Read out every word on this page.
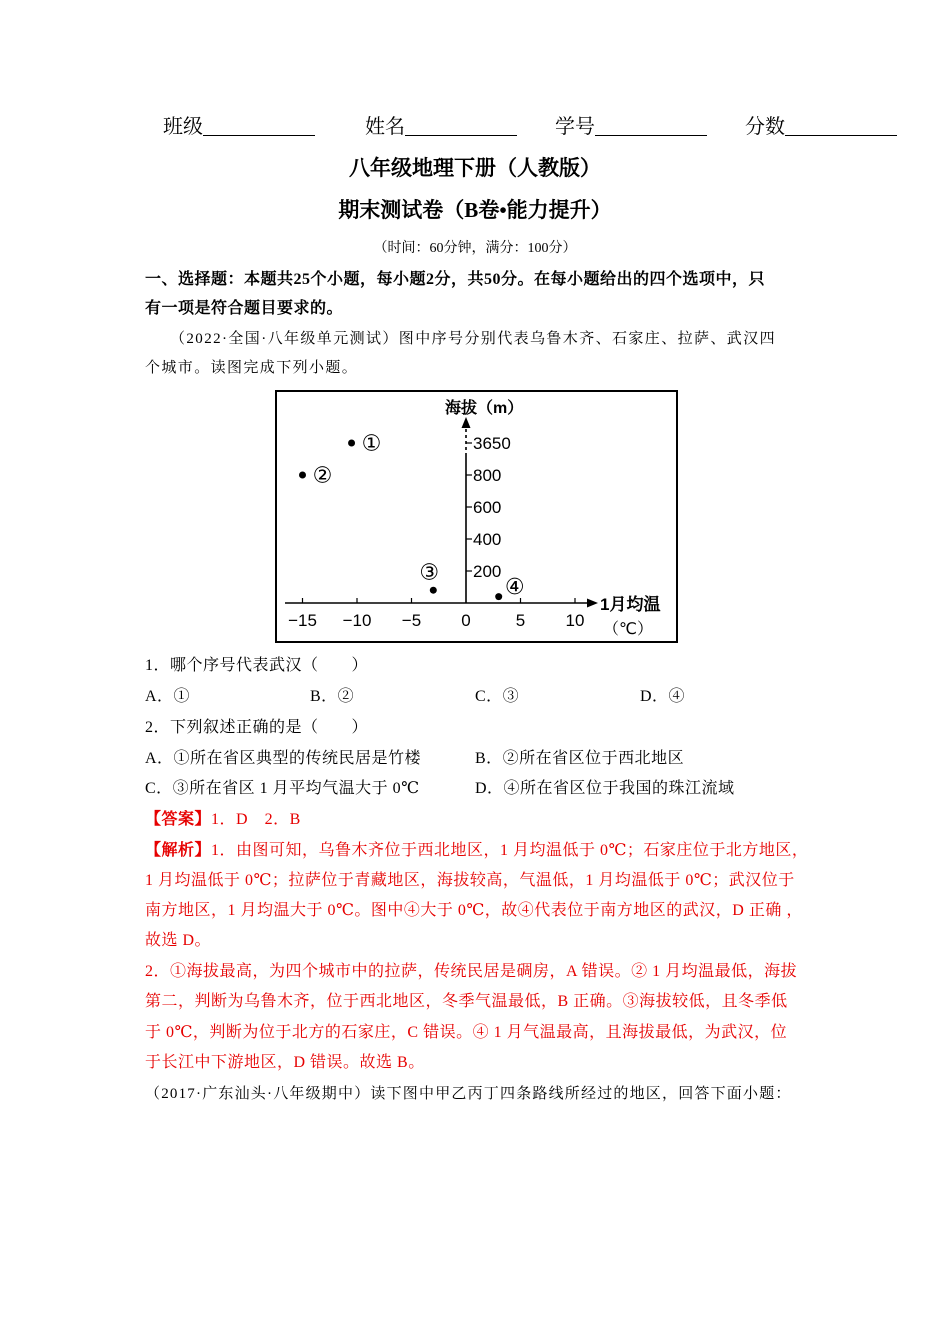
班级	姓名	学号	分数
八年级地理下册（人教版）
期末测试卷（B卷•能力提升）
（时间：60分钟，满分：100分）
一、选择题：本题共25个小题，每小题2分，共50分。在每小题给出的四个选项中，只
有一项是符合题目要求的。
（2022·全国·八年级单元测试）图中序号分别代表乌鲁木齐、石家庄、拉萨、武汉四
个城市。读图完成下列小题。
海拔（m）
1月均温
（℃）
−15 −10 −5 0	5 10
200
400
600
800
3650
①
②
③
④
1．哪个序号代表武汉（　　）
A．①	B．②	C．③	D．④
2．下列叙述正确的是（　　）
A．①所在省区典型的传统民居是竹楼	B．②所在省区位于西北地区
C．③所在省区 1 月平均气温大于 0℃	D．④所在省区位于我国的珠江流域
【答案】1．D　2．B
【解析】1．由图可知，乌鲁木齐位于西北地区，1 月均温低于 0℃；石家庄位于北方地区，
1 月均温低于 0℃；拉萨位于青藏地区，海拔较高，气温低，1 月均温低于 0℃；武汉位于
南方地区，1 月均温大于 0℃。图中④大于 0℃，故④代表位于南方地区的武汉，D 正确 ，
故选 D。
2．①海拔最高，为四个城市中的拉萨，传统民居是碉房，A 错误。② 1 月均温最低，海拔
第二，判断为乌鲁木齐，位于西北地区，冬季气温最低，B 正确。③海拔较低，且冬季低
于 0℃，判断为位于北方的石家庄，C 错误。④ 1 月气温最高，且海拔最低，为武汉，位
于长江中下游地区，D 错误。故选 B。
（2017·广东汕头·八年级期中）读下图中甲乙丙丁四条路线所经过的地区，回答下面小题：
